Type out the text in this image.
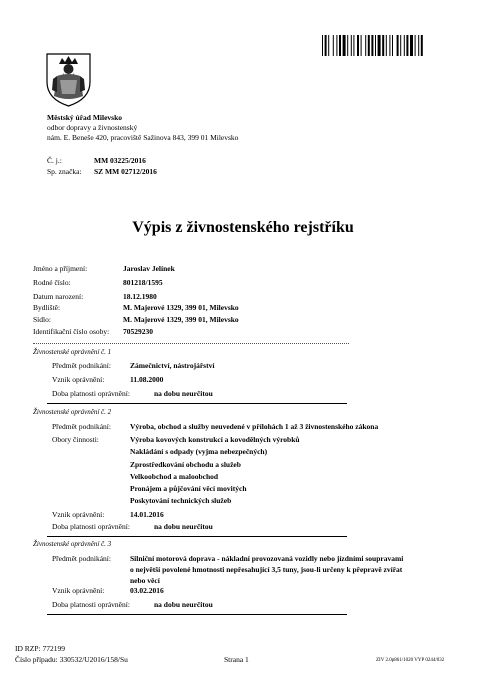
Městský úřad Milevsko
odbor dopravy a živnostenský
nám. E. Beneše 420, pracoviště Sažinova 843, 399 01 Milevsko
Č. j.:	MM 03225/2016
Sp. značka: SZ MM 02712/2016
Výpis z živnostenského rejstříku
Jméno a příjmení:	Jaroslav Jelínek
Rodné číslo:	801218/1595
Datum narození:	18.12.1980
Bydliště:	M. Majerové 1329, 399 01, Milevsko
Sídlo:	M. Majerové 1329, 399 01, Milevsko
Identifikační číslo osoby: 70529230
Živnostenské oprávnění č. 1
Předmět podnikání:	Zámečnictví, nástrojářství
Vznik oprávnění:	11.08.2000
Doba platnosti oprávnění:	na dobu neurčitou
Živnostenské oprávnění č. 2
Předmět podnikání:	Výroba, obchod a služby neuvedené v přílohách 1 až 3 živnostenského zákona
Obory činnosti:	Výroba kovových konstrukcí a kovodělných výrobků
Nakládání s odpady (vyjma nebezpečných)
Zprostředkování obchodu a služeb
Velkoobchod a maloobchod
Pronájem a půjčování věcí movitých
Poskytování technických služeb
Vznik oprávnění:	14.01.2016
Doba platnosti oprávnění:	na dobu neurčitou
Živnostenské oprávnění č. 3
Předmět podnikání:	Silniční motorová doprava - nákladní provozovaná vozidly nebo jízdními soupravami
o největší povolené hmotnosti nepřesahující 3,5 tuny, jsou-li určeny k přepravě zvířat
nebo věcí
Vznik oprávnění:	03.02.2016
Doba platnosti oprávnění:	na dobu neurčitou
ID RZP: 772199
Číslo případu: 330532/U2016/158/Su	Strana 1	ZIV 2.0p861/1020 VYP 0244/032
